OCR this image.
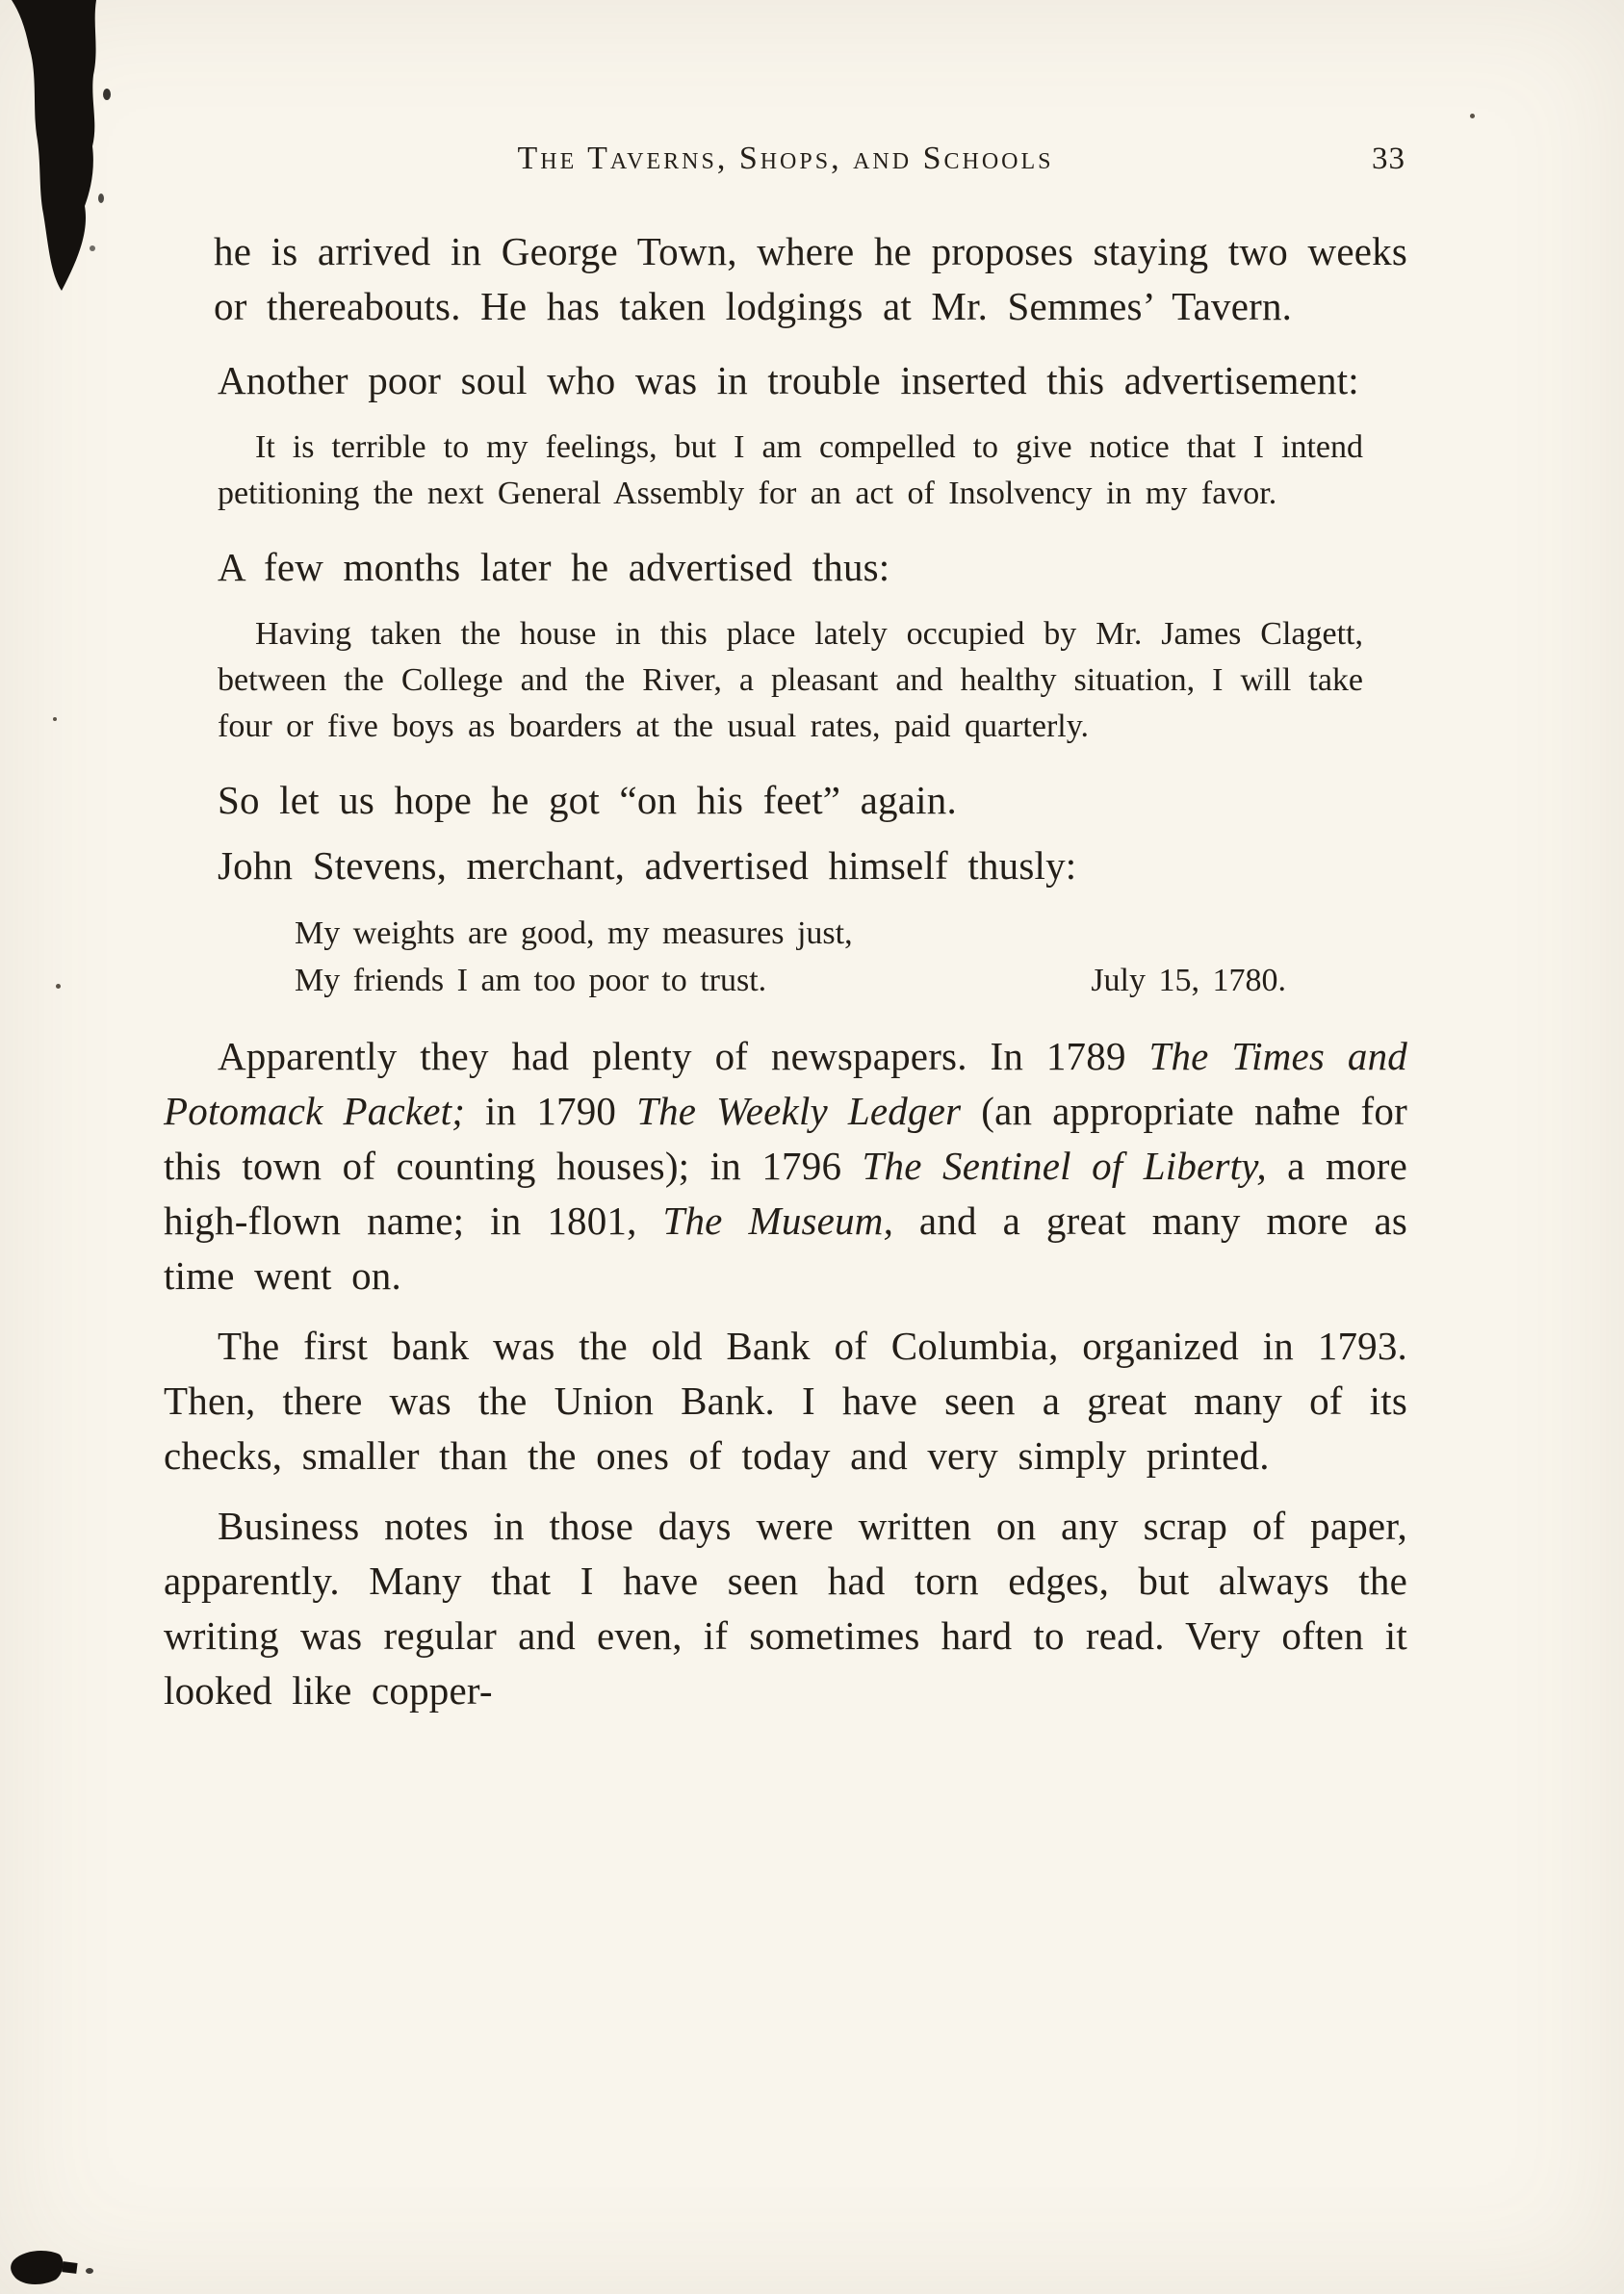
The Taverns, Shops, and Schools	33

he is arrived in George Town, where he proposes staying two weeks or thereabouts. He has taken lodgings at Mr. Semmes’ Tavern.

Another poor soul who was in trouble inserted this advertisement:

It is terrible to my feelings, but I am compelled to give notice that I intend petitioning the next General Assembly for an act of Insolvency in my favor.

A few months later he advertised thus:

Having taken the house in this place lately occupied by Mr. James Clagett, between the College and the River, a pleasant and healthy situation, I will take four or five boys as boarders at the usual rates, paid quarterly.

So let us hope he got “on his feet” again.

John Stevens, merchant, advertised himself thusly:

My weights are good, my measures just,
My friends I am too poor to trust.	July 15, 1780.

Apparently they had plenty of newspapers. In 1789 The Times and Potomack Packet; in 1790 The Weekly Ledger (an appropriate name for this town of counting houses); in 1796 The Sentinel of Liberty, a more high-flown name; in 1801, The Museum, and a great many more as time went on.

The first bank was the old Bank of Columbia, organized in 1793. Then, there was the Union Bank. I have seen a great many of its checks, smaller than the ones of today and very simply printed.

Business notes in those days were written on any scrap of paper, apparently. Many that I have seen had torn edges, but always the writing was regular and even, if sometimes hard to read. Very often it looked like copper-
